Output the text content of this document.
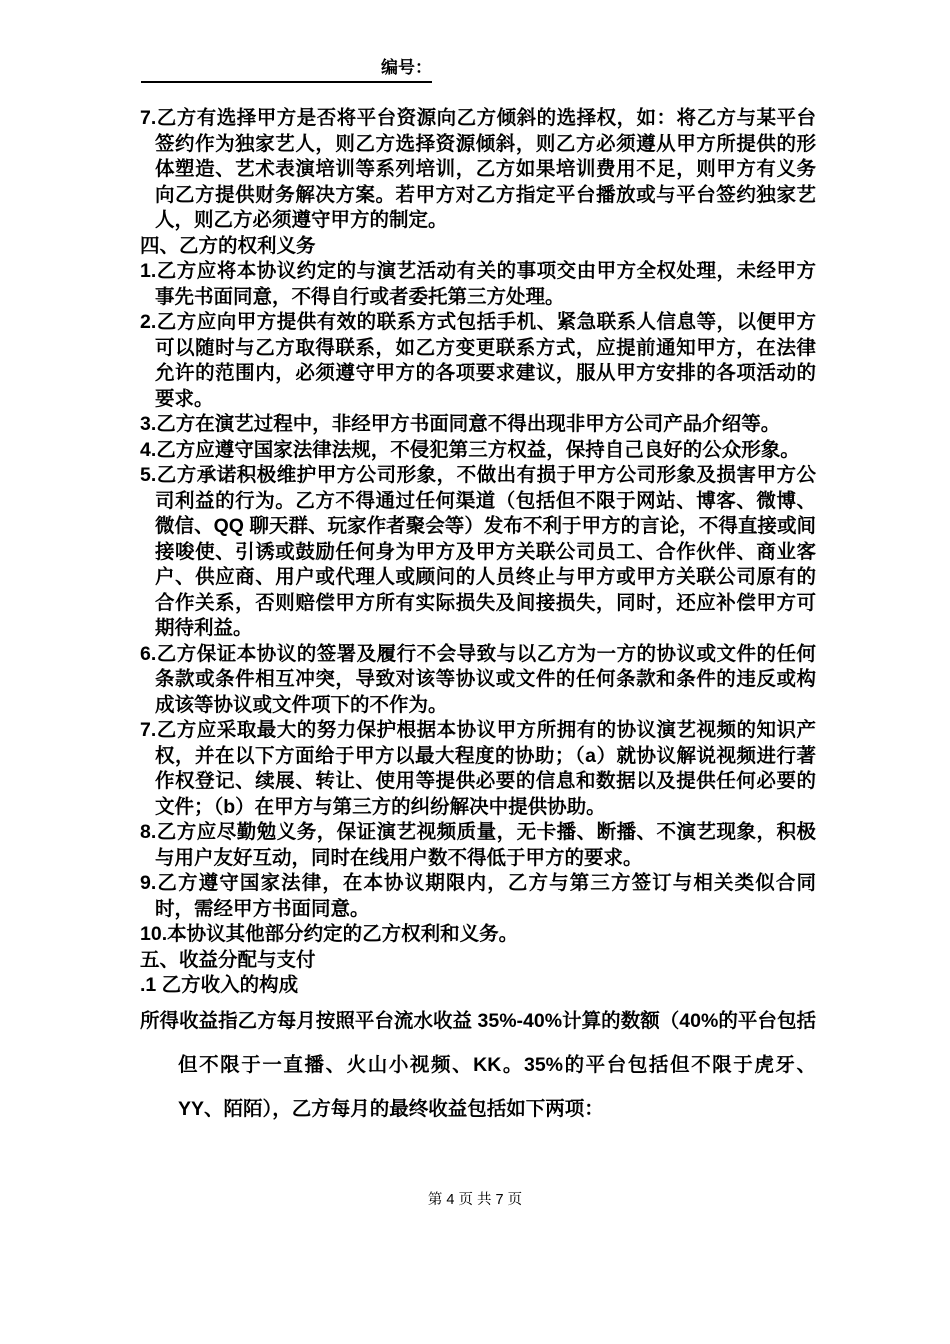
编号：

7.乙方有选择甲方是否将平台资源向乙方倾斜的选择权，如：将乙方与某平台签约作为独家艺人，则乙方选择资源倾斜，则乙方必须遵从甲方所提供的形体塑造、艺术表演培训等系列培训，乙方如果培训费用不足，则甲方有义务向乙方提供财务解决方案。若甲方对乙方指定平台播放或与平台签约独家艺人，则乙方必须遵守甲方的制定。

四、乙方的权利义务

1.乙方应将本协议约定的与演艺活动有关的事项交由甲方全权处理，未经甲方事先书面同意，不得自行或者委托第三方处理。

2.乙方应向甲方提供有效的联系方式包括手机、紧急联系人信息等，以便甲方可以随时与乙方取得联系，如乙方变更联系方式，应提前通知甲方，在法律允许的范围内，必须遵守甲方的各项要求建议，服从甲方安排的各项活动的要求。

3.乙方在演艺过程中，非经甲方书面同意不得出现非甲方公司产品介绍等。

4.乙方应遵守国家法律法规，不侵犯第三方权益，保持自己良好的公众形象。

5.乙方承诺积极维护甲方公司形象，不做出有损于甲方公司形象及损害甲方公司利益的行为。乙方不得通过任何渠道（包括但不限于网站、博客、微博、微信、QQ 聊天群、玩家作者聚会等）发布不利于甲方的言论，不得直接或间接唆使、引诱或鼓励任何身为甲方及甲方关联公司员工、合作伙伴、商业客户、供应商、用户或代理人或顾问的人员终止与甲方或甲方关联公司原有的合作关系，否则赔偿甲方所有实际损失及间接损失，同时，还应补偿甲方可期待利益。

6.乙方保证本协议的签署及履行不会导致与以乙方为一方的协议或文件的任何条款或条件相互冲突，导致对该等协议或文件的任何条款和条件的违反或构成该等协议或文件项下的不作为。

7.乙方应采取最大的努力保护根据本协议甲方所拥有的协议演艺视频的知识产权，并在以下方面给于甲方以最大程度的协助；（a）就协议解说视频进行著作权登记、续展、转让、使用等提供必要的信息和数据以及提供任何必要的文件；（b）在甲方与第三方的纠纷解决中提供协助。

8.乙方应尽勤勉义务，保证演艺视频质量，无卡播、断播、不演艺现象，积极与用户友好互动，同时在线用户数不得低于甲方的要求。

9.乙方遵守国家法律，在本协议期限内，乙方与第三方签订与相关类似合同时，需经甲方书面同意。

10.本协议其他部分约定的乙方权利和义务。

五、收益分配与支付

.1 乙方收入的构成

所得收益指乙方每月按照平台流水收益 35%-40%计算的数额（40%的平台包括但不限于一直播、火山小视频、KK。35%的平台包括但不限于虎牙、YY、陌陌），乙方每月的最终收益包括如下两项：

第 4 页 共 7 页
